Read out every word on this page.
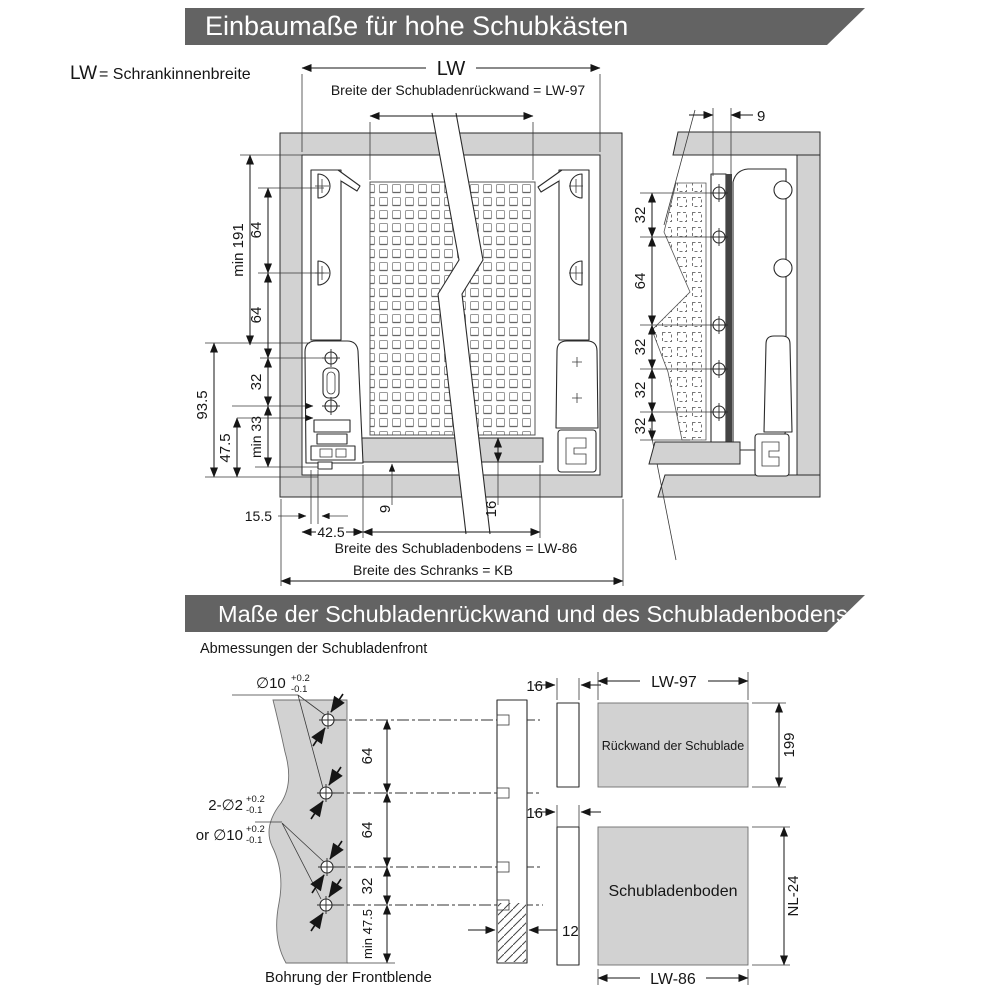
Einbaumaße für hohe Schubkästen
LW = Schrankinnenbreite	LW
Breite der Schubladenrückwand = LW-97
min 191 64
64
32
min 33
93.5
47.5
15.5
42.5
9	16
Breite des Schubladenbodens = LW-86
Breite des Schranks = KB
9
32
64
32
32
32
Maße der Schubladenrückwand und des Schubladenbodens
Abmessungen der Schubladenfront
∅10 +0.2
-0.1
2-∅2 +0.2
-0.1
or ∅10 +0.2
-0.1
64
64
32
min 47.5	12
Bohrung der Frontblende
16	LW-97
Rückwand der Schublade 199
16
Schubladenboden	NL-24
LW-86
